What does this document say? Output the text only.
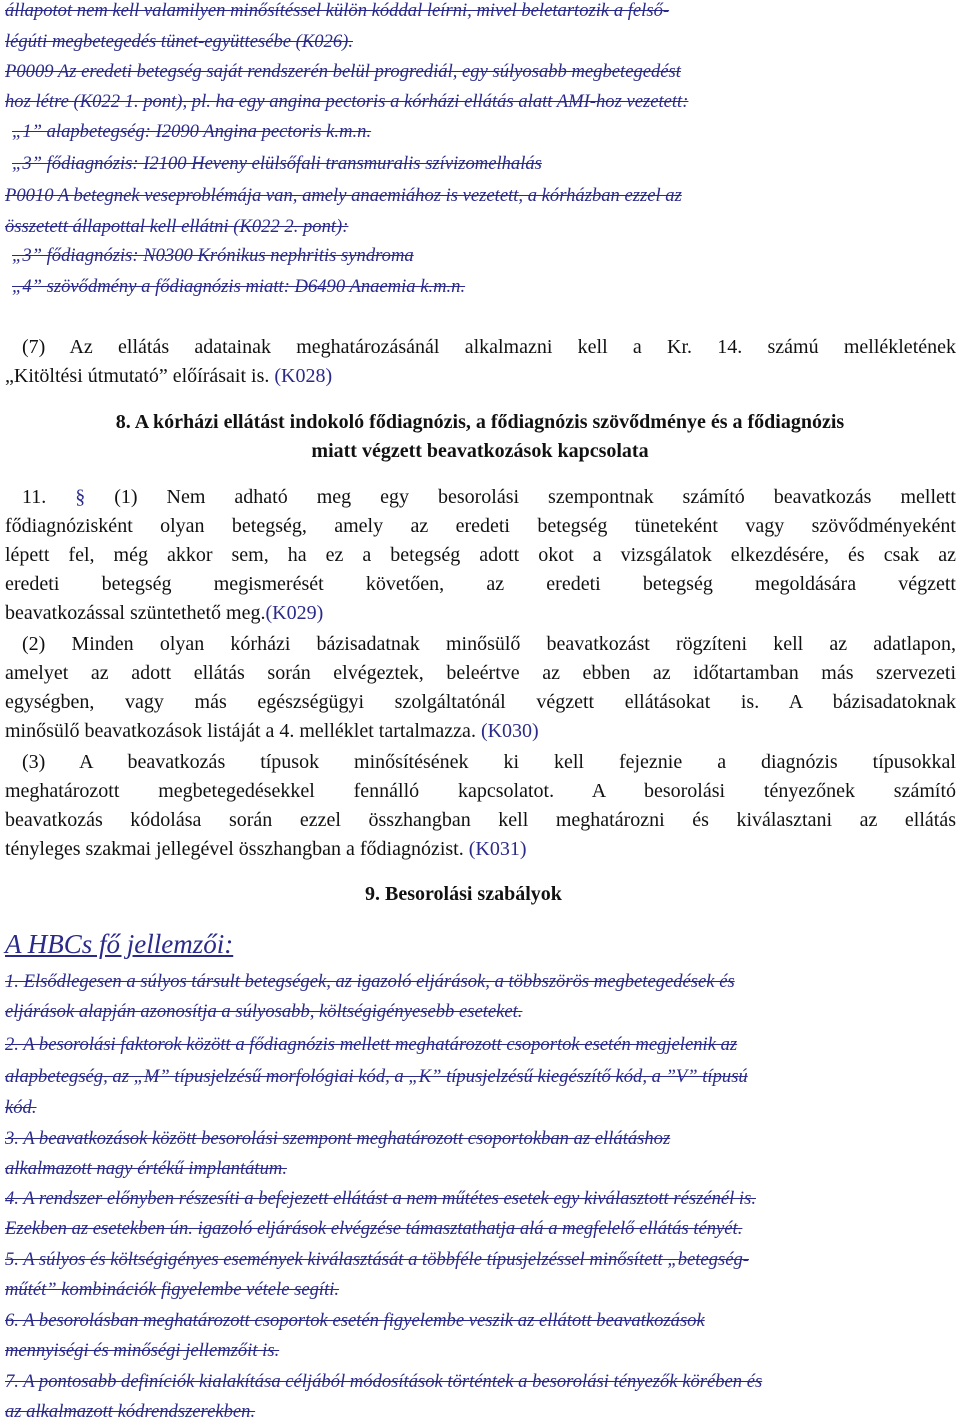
állapotot nem kell valamilyen minősítéssel külön kóddal leírni, mivel beletartozik a felső-

légúti megbetegedés tünet-együttesébe (K026).

P0009 Az eredeti betegség saját rendszerén belül progrediál, egy súlyosabb megbetegedést

hoz létre (K022 1. pont), pl. ha egy angina pectoris a kórházi ellátás alatt AMI-hoz vezetett:

„1” alapbetegség: I2090 Angina pectoris k.m.n.

„3” fődiagnózis: I2100 Heveny elülsőfali transmuralis szívizomelhalás

P0010 A betegnek veseproblémája van, amely anaemiához is vezetett, a kórházban ezzel az

összetett állapottal kell ellátni (K022 2. pont):

„3” fődiagnózis: N0300 Krónikus nephritis syndroma

„4” szövődmény a fődiagnózis miatt: D6490 Anaemia k.m.n.

(7) Az ellátás adatainak meghatározásánál alkalmazni kell a Kr. 14. számú mellékletének

„Kitöltési útmutató” előírásait is. (K028)

8. A kórházi ellátást indokoló fődiagnózis, a fődiagnózis szövődménye és a fődiagnózis

miatt végzett beavatkozások kapcsolata

11. § (1) Nem adható meg egy besorolási szempontnak számító beavatkozás mellett

fődiagnózisként olyan betegség, amely az eredeti betegség tüneteként vagy szövődményeként

lépett fel, még akkor sem, ha ez a betegség adott okot a vizsgálatok elkezdésére, és csak az

eredeti betegség megismerését követően, az eredeti betegség megoldására végzett

beavatkozással szüntethető meg.(K029)

(2) Minden olyan kórházi bázisadatnak minősülő beavatkozást rögzíteni kell az adatlapon,

amelyet az adott ellátás során elvégeztek, beleértve az ebben az időtartamban más szervezeti

egységben, vagy más egészségügyi szolgáltatónál végzett ellátásokat is. A bázisadatoknak

minősülő beavatkozások listáját a 4. melléklet tartalmazza. (K030)

(3) A beavatkozás típusok minősítésének ki kell fejeznie a diagnózis típusokkal

meghatározott megbetegedésekkel fennálló kapcsolatot. A besorolási tényezőnek számító

beavatkozás kódolása során ezzel összhangban kell meghatározni és kiválasztani az ellátás

tényleges szakmai jellegével összhangban a fődiagnózist. (K031)

9. Besorolási szabályok

A HBCs fő jellemzői:

1. Elsődlegesen a súlyos társult betegségek, az igazoló eljárások, a többszörös megbetegedések és

eljárások alapján azonosítja a súlyosabb, költségigényesebb eseteket.

2. A besorolási faktorok között a fődiagnózis mellett meghatározott csoportok esetén megjelenik az

alapbetegség, az „M” típusjelzésű morfológiai kód, a „K” típusjelzésű kiegészítő kód, a ”V” típusú

kód.

3. A beavatkozások között besorolási szempont meghatározott csoportokban az ellátáshoz

alkalmazott nagy értékű implantátum.

4. A rendszer előnyben részesíti a befejezett ellátást a nem műtétes esetek egy kiválasztott részénél is.

Ezekben az esetekben ún. igazoló eljárások elvégzése támasztathatja alá a megfelelő ellátás tényét.

5. A súlyos és költségigényes események kiválasztását a többféle típusjelzéssel minősített „betegség-

műtét” kombinációk figyelembe vétele segíti.

6. A besorolásban meghatározott csoportok esetén figyelembe veszik az ellátott beavatkozások

mennyiségi és minőségi jellemzőit is.

7. A pontosabb definíciók kialakítása céljából módosítások történtek a besorolási tényezők körében és

az alkalmazott kódrendszerekben.
